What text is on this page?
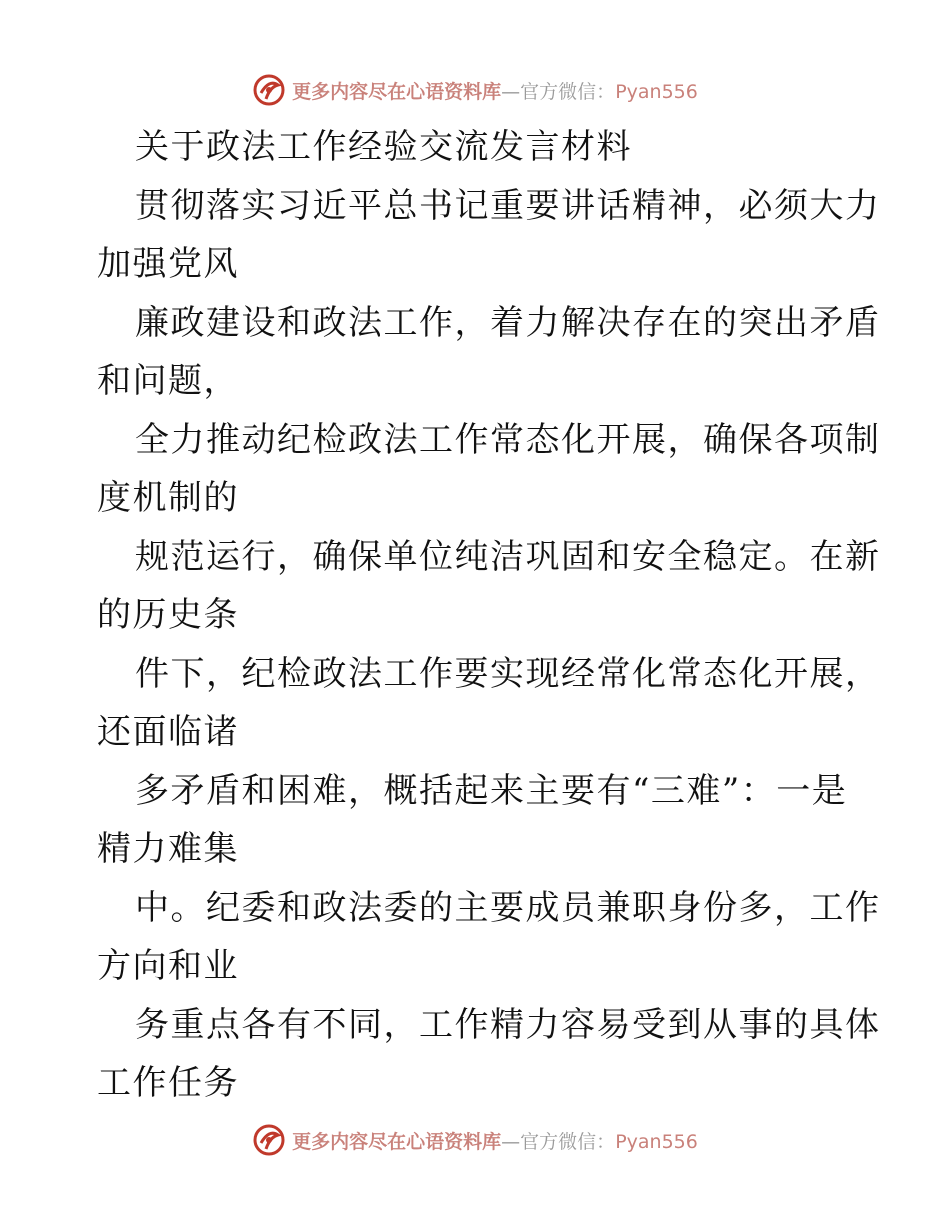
更多内容尽在心语资料库—官方微信：Pyan556
关于政法工作经验交流发言材料
贯彻落实习近平总书记重要讲话精神，必须大力
加强党风
廉政建设和政法工作，着力解决存在的突出矛盾
和问题，
全力推动纪检政法工作常态化开展，确保各项制
度机制的
规范运行，确保单位纯洁巩固和安全稳定。在新
的历史条
件下，纪检政法工作要实现经常化常态化开展，
还面临诸
多矛盾和困难，概括起来主要有“三难”：一是
精力难集
中。纪委和政法委的主要成员兼职身份多，工作
方向和业
务重点各有不同，工作精力容易受到从事的具体
工作任务
更多内容尽在心语资料库—官方微信：Pyan556
